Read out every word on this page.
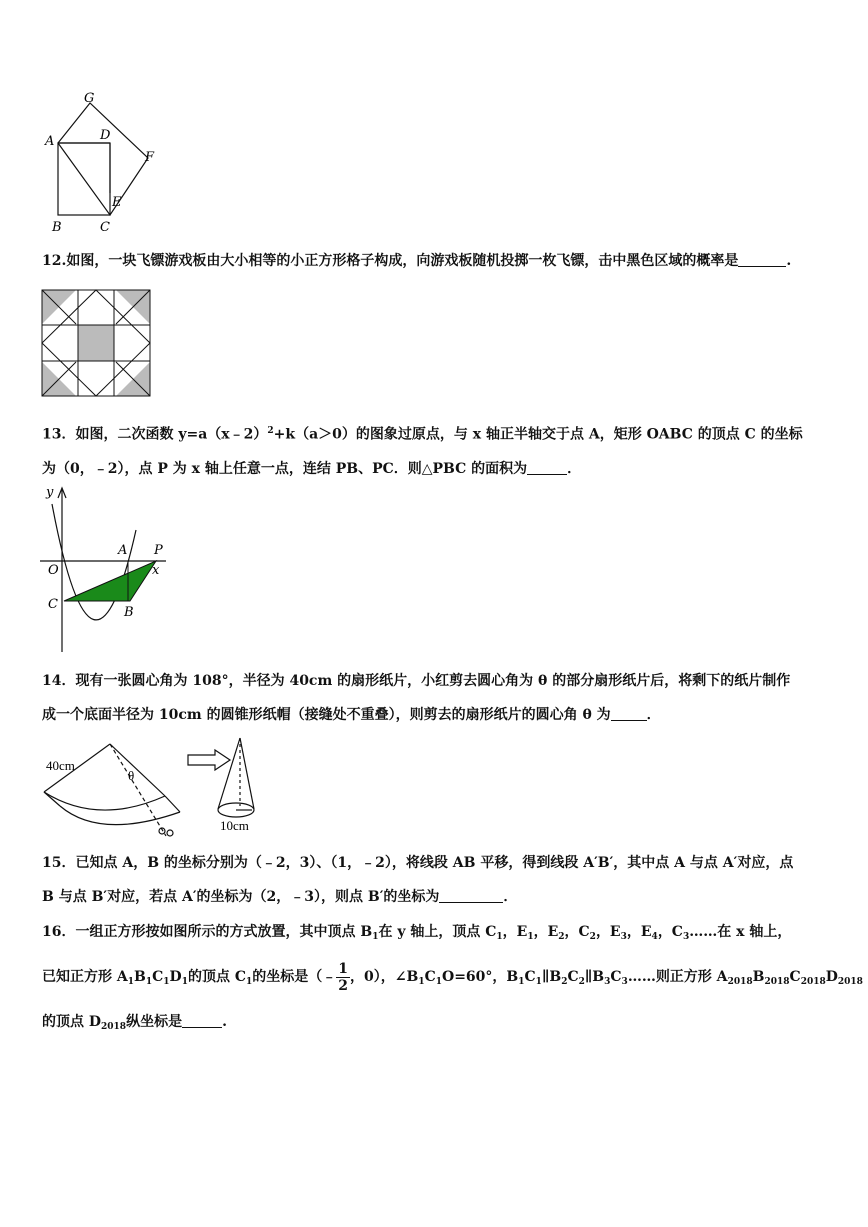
G
A	D
F
E
B	C

12.如图，一块飞镖游戏板由大小相等的小正方形格子构成，向游戏板随机投掷一枚飞镖，击中黑色区域的概率是	.

13．如图，二次函数 y=a（x﹣2）$^2$+k（a＞0）的图象过原点，与 x 轴正半轴交于点 A，矩形 OABC 的顶点 C 的坐标

为（0，﹣2），点 P 为 x 轴上任意一点，连结 PB、PC．则△PBC 的面积为	．

y
A P
O	x
C
B

14．现有一张圆心角为 108°，半径为 40cm 的扇形纸片，小红剪去圆心角为 θ 的部分扇形纸片后，将剩下的纸片制作

成一个底面半径为 10cm 的圆锥形纸帽（接缝处不重叠），则剪去的扇形纸片的圆心角 θ 为	．

40cm
θ
10cm

15．已知点 A，B 的坐标分别为（﹣2，3）、（1，﹣2），将线段 AB 平移，得到线段 A′B′，其中点 A 与点 A′对应，点

B 与点 B′对应，若点 A′的坐标为（2，﹣3），则点 B′的坐标为	．

16．一组正方形按如图所示的方式放置，其中顶点 $B_1$在 y 轴上，顶点 $C_1$，$E_1$，$E_2$，$C_2$，$E_3$，$E_4$，$C_3\dots\dots$在 x 轴上，

已知正方形 $A_1B_1C_1D_1$的顶点 $C_1$的坐标是（﹣ $\frac{1}{2}$ ，0），$\angle B_1C_1O=60^\circ$，$B_1C_1\parallel B_2C_2\parallel B_3C_3\dots\dots$则正方形 $A_{2018}B_{2018}C_{2018}D_{2018}$

的顶点 $D_{2018}$纵坐标是	.
